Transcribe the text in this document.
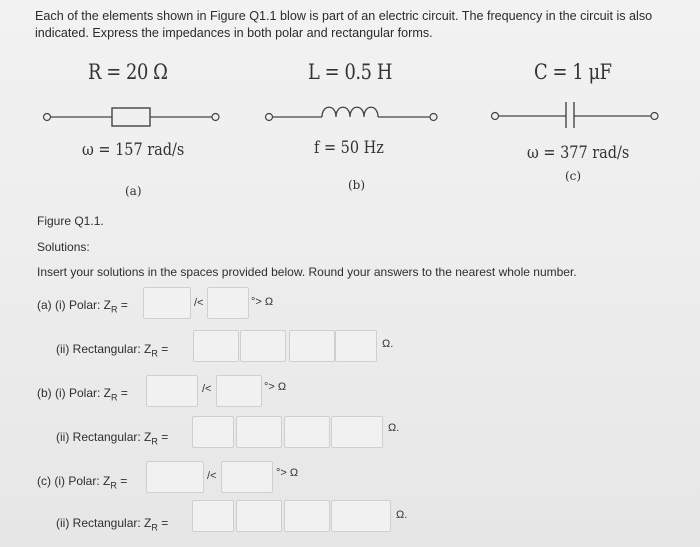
Each of the elements shown in Figure Q1.1 blow is part of an electric circuit. The frequency in the circuit is also indicated. Express the impedances in both polar and rectangular forms.
R = 20 Ω	L = 0.5 H	C = 1 μF
ω = 157 rad/s	f = 50 Hz	ω = 377 rad/s
(a)	(b)
(c)
Figure Q1.1.
Solutions:
Insert your solutions in the spaces provided below. Round your answers to the nearest whole number.
(a) (i) Polar: $Z_R$ =	/<	°> Ω
(ii) Rectangular: $Z_R$ =	Ω.
(b) (i) Polar: $Z_R$ =	/<	°> Ω
(ii) Rectangular: $Z_R$ =
Ω.
(c) (i) Polar: $Z_R$ =	/<	°> Ω
(ii) Rectangular: $Z_R$ =
Ω.
